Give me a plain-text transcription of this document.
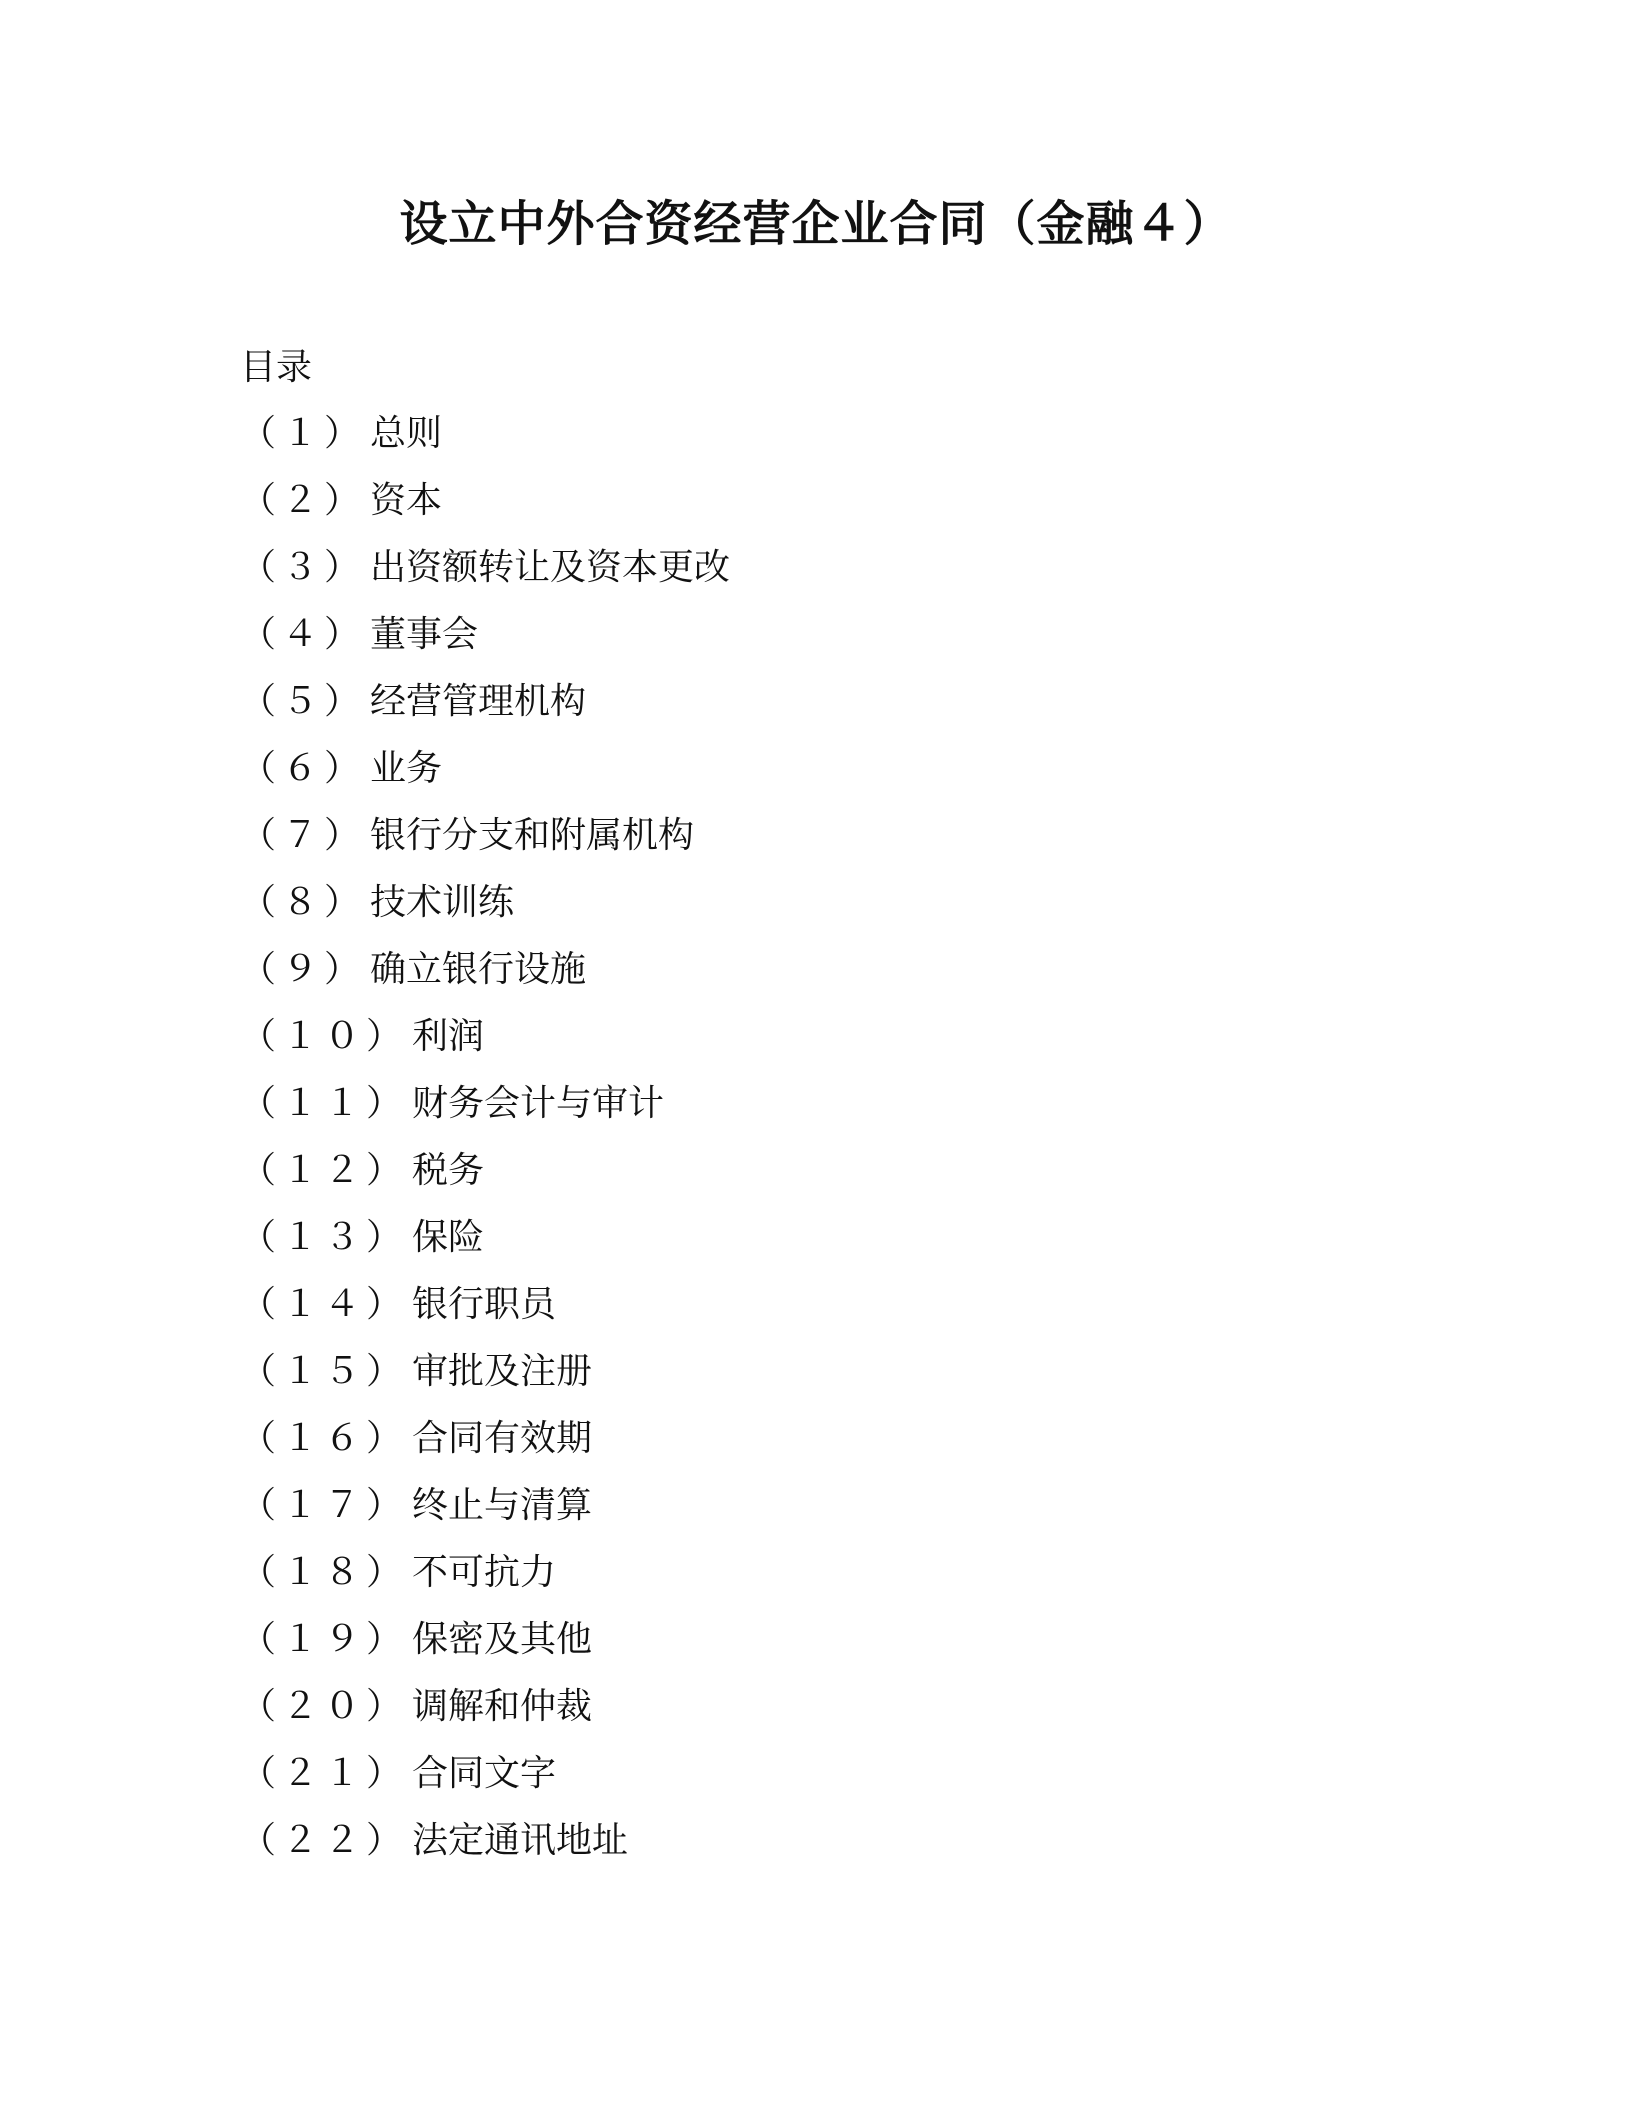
设立中外合资经营企业合同（金融４）
目录
（１） 总则
（２） 资本
（３） 出资额转让及资本更改
（４） 董事会
（５） 经营管理机构
（６） 业务
（７） 银行分支和附属机构
（８） 技术训练
（９） 确立银行设施
（１０） 利润
（１１） 财务会计与审计
（１２） 税务
（１３） 保险
（１４） 银行职员
（１５） 审批及注册
（１６） 合同有效期
（１７） 终止与清算
（１８） 不可抗力
（１９） 保密及其他
（２０） 调解和仲裁
（２１） 合同文字
（２２） 法定通讯地址
